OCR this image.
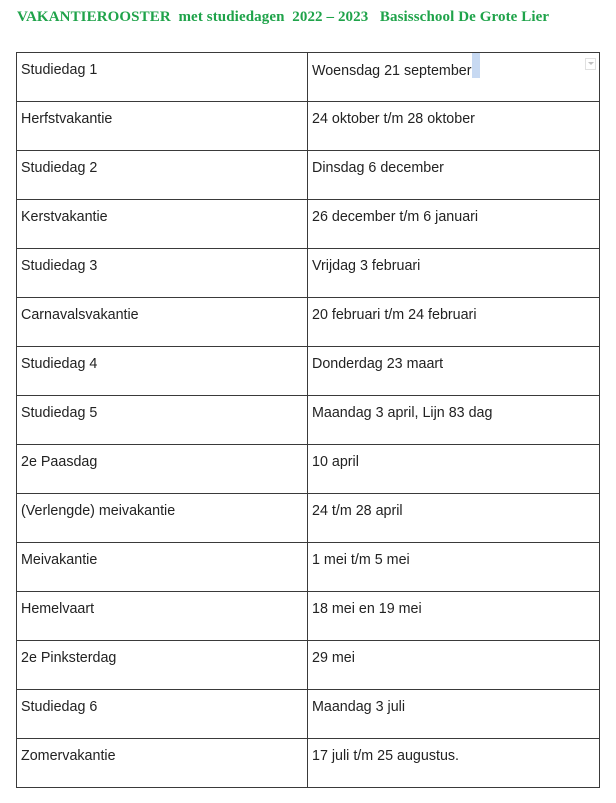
VAKANTIEROOSTER  met studiedagen  2022 – 2023   Basisschool De Grote Lier
Studiedag 1	Woensdag 21 september

Herfstvakantie	24 oktober t/m 28 oktober
Studiedag 2	Dinsdag 6 december
Kerstvakantie	26 december t/m 6 januari
Studiedag 3	Vrijdag 3 februari
Carnavalsvakantie	20 februari t/m 24 februari
Studiedag 4	Donderdag 23 maart
Studiedag 5	Maandag 3 april, Lijn 83 dag
2e Paasdag	10 april
(Verlengde) meivakantie	24 t/m 28 april
Meivakantie	1 mei t/m 5 mei
Hemelvaart	18 mei en 19 mei
2e Pinksterdag	29 mei
Studiedag 6	Maandag 3 juli
Zomervakantie	17 juli t/m 25 augustus.
